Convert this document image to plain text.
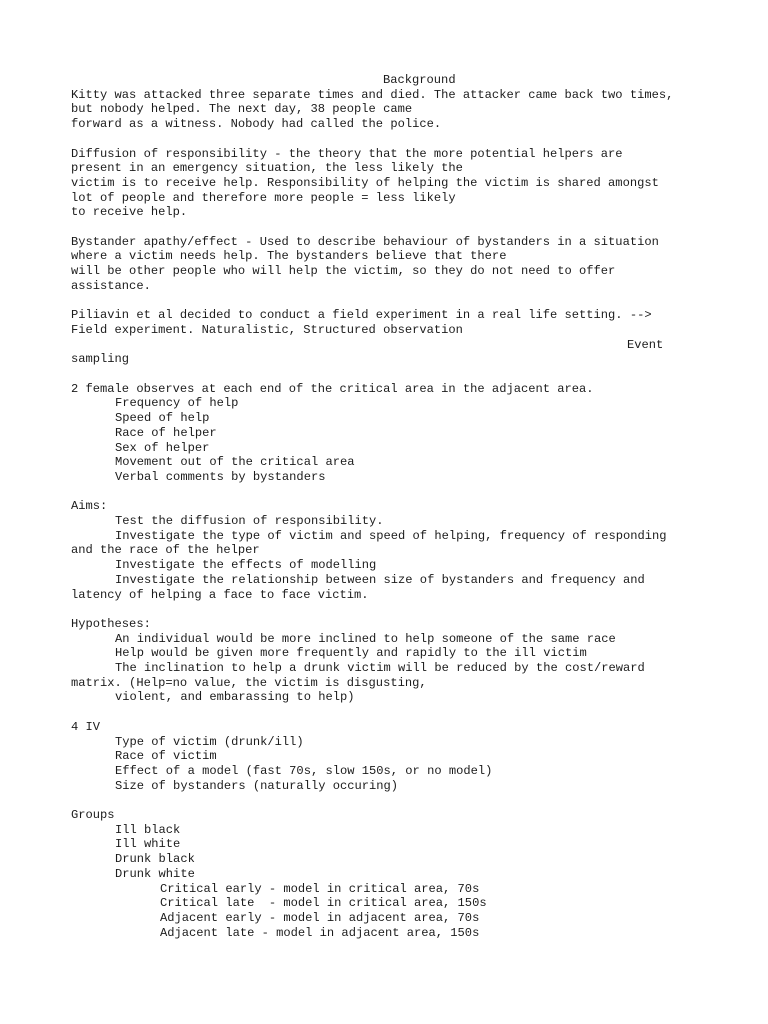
Background
Kitty was attacked three separate times and died. The attacker came back two times,
but nobody helped. The next day, 38 people came
forward as a witness. Nobody had called the police.
Diffusion of responsibility - the theory that the more potential helpers are
present in an emergency situation, the less likely the
victim is to receive help. Responsibility of helping the victim is shared amongst
lot of people and therefore more people = less likely
to receive help.
Bystander apathy/effect - Used to describe behaviour of bystanders in a situation
where a victim needs help. The bystanders believe that there
will be other people who will help the victim, so they do not need to offer
assistance.
Piliavin et al decided to conduct a field experiment in a real life setting. -->
Field experiment. Naturalistic, Structured observation
Event
sampling
2 female observes at each end of the critical area in the adjacent area.
Frequency of help
Speed of help
Race of helper
Sex of helper
Movement out of the critical area
Verbal comments by bystanders
Aims:
Test the diffusion of responsibility.
Investigate the type of victim and speed of helping, frequency of responding
and the race of the helper
Investigate the effects of modelling
Investigate the relationship between size of bystanders and frequency and
latency of helping a face to face victim.
Hypotheses:
An individual would be more inclined to help someone of the same race
Help would be given more frequently and rapidly to the ill victim
The inclination to help a drunk victim will be reduced by the cost/reward
matrix. (Help=no value, the victim is disgusting,
violent, and embarassing to help)
4 IV
Type of victim (drunk/ill)
Race of victim
Effect of a model (fast 70s, slow 150s, or no model)
Size of bystanders (naturally occuring)
Groups
Ill black
Ill white
Drunk black
Drunk white
Critical early - model in critical area, 70s
Critical late  - model in critical area, 150s
Adjacent early - model in adjacent area, 70s
Adjacent late - model in adjacent area, 150s
